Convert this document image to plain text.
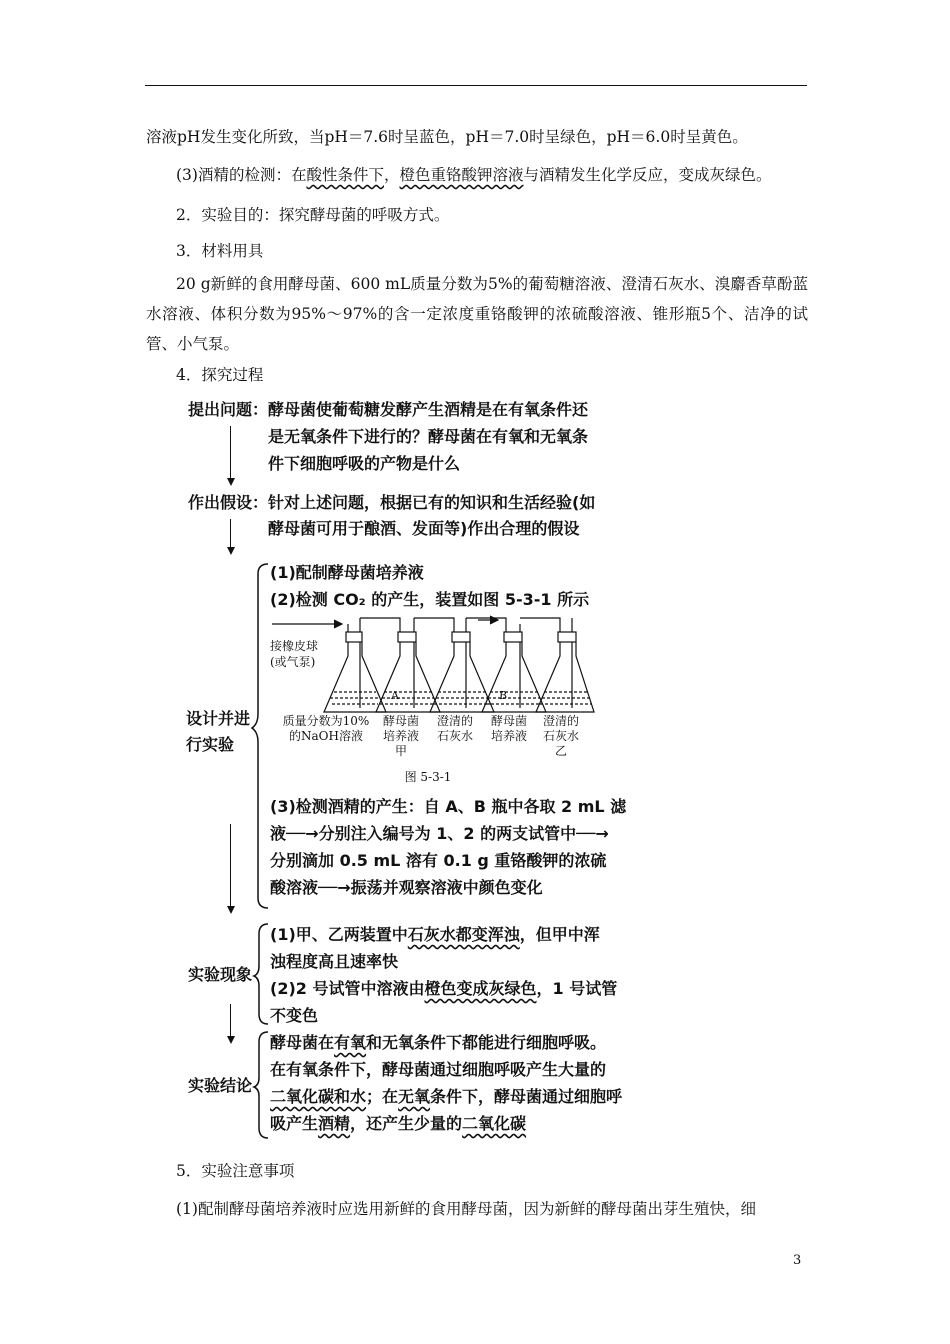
溶液pH发生变化所致，当pH＝7.6时呈蓝色，pH＝7.0时呈绿色，pH＝6.0时呈黄色。
(3)酒精的检测：在酸性条件下，橙色重铬酸钾溶液与酒精发生化学反应，变成灰绿色。
2．实验目的：探究酵母菌的呼吸方式。
3．材料用具
20 g新鲜的食用酵母菌、600 mL质量分数为5%的葡萄糖溶液、澄清石灰水、溴麝香草酚蓝水溶液、体积分数为95%～97%的含一定浓度重铬酸钾的浓硫酸溶液、锥形瓶5个、洁净的试管、小气泵。
4．探究过程
提出问题： 酵母菌使葡萄糖发酵产生酒精是在有氧条件还
是无氧条件下进行的？酵母菌在有氧和无氧条
件下细胞呼吸的产物是什么
作出假设： 针对上述问题，根据已有的知识和生活经验(如
酵母菌可用于酿酒、发面等)作出合理的假设
设计并进
行实验
(1)配制酵母菌培养液
(2)检测 CO₂ 的产生，装置如图 5-3-1 所示
接橡皮球
(或气泵)
A	B
质量分数为10%
的NaOH溶液
酵母菌
培养液
甲
澄清的
石灰水
酵母菌
培养液
澄清的
石灰水
乙
图 5-3-1
(3)检测酒精的产生：自 A、B 瓶中各取 2 mL 滤
液──→分别注入编号为 1、2 的两支试管中──→
分别滴加 0.5 mL 溶有 0.1 g 重铬酸钾的浓硫
酸溶液──→振荡并观察溶液中颜色变化
实验现象
(1)甲、乙两装置中石灰水都变浑浊，但甲中浑
浊程度高且速率快
(2)2 号试管中溶液由橙色变成灰绿色，1 号试管
不变色
实验结论
酵母菌在有氧和无氧条件下都能进行细胞呼吸。
在有氧条件下，酵母菌通过细胞呼吸产生大量的
二氧化碳和水；在无氧条件下，酵母菌通过细胞呼
吸产生酒精，还产生少量的二氧化碳
5．实验注意事项
(1)配制酵母菌培养液时应选用新鲜的食用酵母菌，因为新鲜的酵母菌出芽生殖快，细
3
